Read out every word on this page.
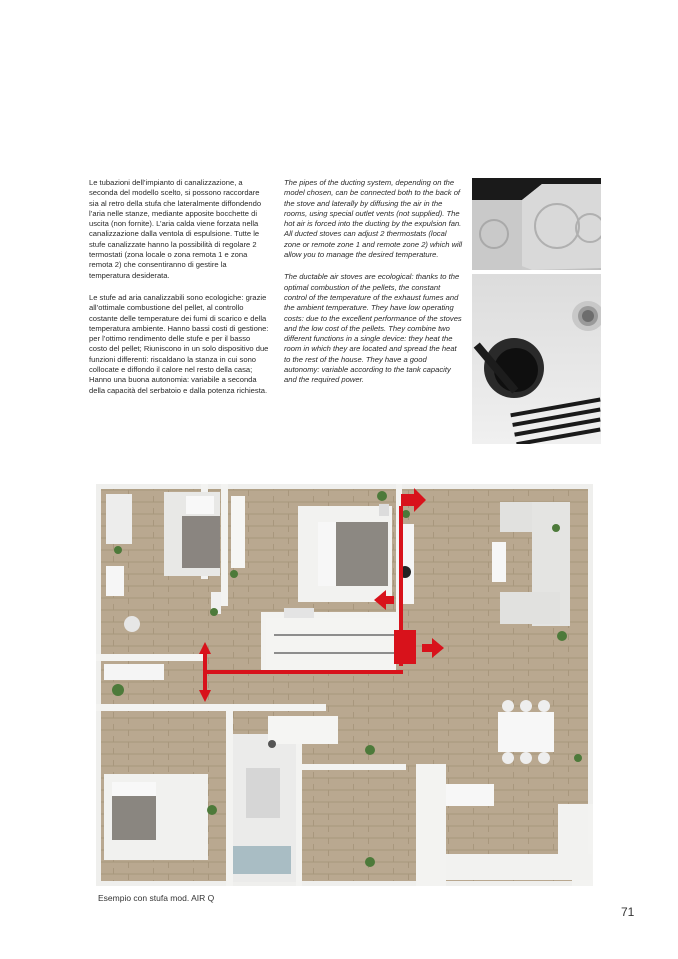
Le tubazioni dell’impianto di canalizzazione, a seconda del modello scelto, si possono raccordare sia al retro della stufa che lateralmente diffondendo l’aria nelle stanze, mediante apposite bocchette di uscita (non fornite). L’aria calda viene forzata nella canalizzazione dalla ventola di espulsione. Tutte le stufe canalizzate hanno la possibilità di regolare 2 termostati (zona locale o zona remota 1 e zona remota 2) che consentiranno di gestire la temperatura desiderata.

Le stufe ad aria canalizzabili sono ecologiche: grazie all’ottimale combustione del pellet, al controllo costante delle temperature dei fumi di scarico e della temperatura ambiente. Hanno bassi costi di gestione: per l’ottimo rendimento delle stufe e per il basso costo del pellet; Riuniscono in un solo dispositivo due funzioni differenti: riscaldano la stanza in cui sono collocate e diffondo il calore nel resto della casa; Hanno una buona autonomia: variabile a seconda della capacità del serbatoio e dalla potenza richiesta.

The pipes of the ducting system, depending on the model chosen, can be connected both to the back of the stove and laterally by diffusing the air in the rooms, using special outlet vents (not supplied). The hot air is forced into the ducting by the expulsion fan. All ducted stoves can adjust 2 thermostats (local zone or remote zone 1 and remote zone 2) which will allow you to manage the desired temperature.

The ductable air stoves are ecological: thanks to the optimal combustion of the pellets, the constant control of the temperature of the exhaust fumes and the ambient temperature. They have low operating costs: due to the excellent performance of the stoves and the low cost of the pellets. They combine two different functions in a single device: they heat the room in which they are located and spread the heat to the rest of the house. They have a good autonomy: variable according to the tank capacity and the required power.

Esempio con stufa mod. AIR Q
71
